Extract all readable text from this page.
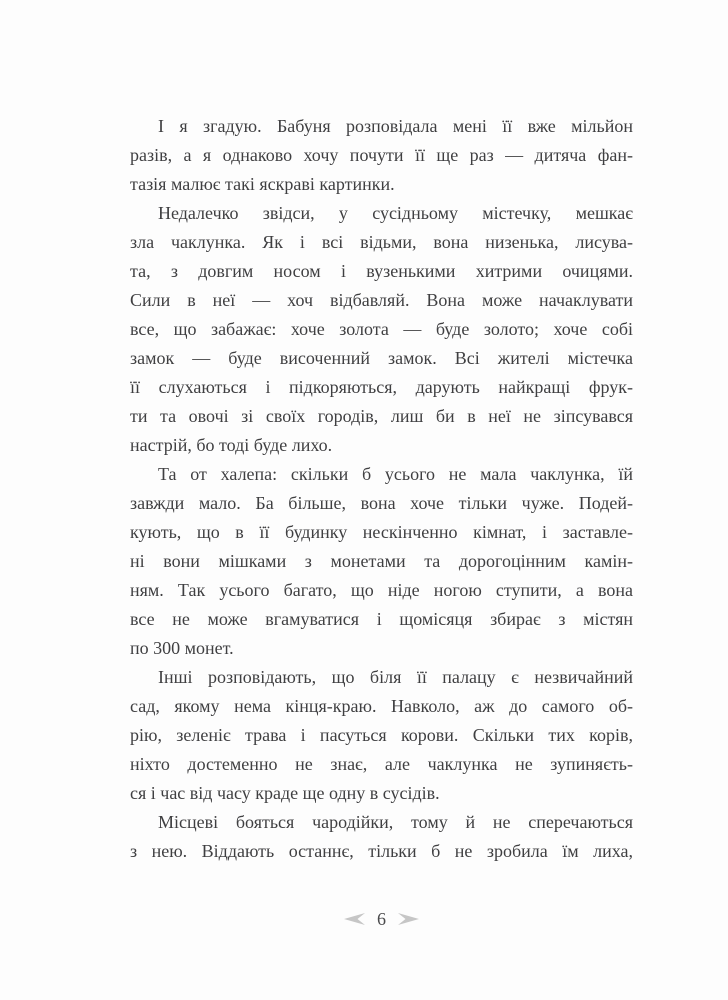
І я згадую. Бабуня розповідала мені її вже мільйон
разів, а я однаково хочу почути її ще раз — дитяча фан-
тазія малює такі яскраві картинки.
Недалечко звідси, у сусідньому містечку, мешкає
зла чаклунка. Як і всі відьми, вона низенька, лисува-
та, з довгим носом і вузенькими хитрими очицями.
Сили в неї — хоч відбавляй. Вона може начаклувати
все, що забажає: хоче золота — буде золото; хоче собі
замок — буде височенний замок. Всі жителі містечка
її слухаються і підкоряються, дарують найкращі фрук-
ти та овочі зі своїх городів, лиш би в неї не зіпсувався
настрій, бо тоді буде лихо.
Та от халепа: скільки б усього не мала чаклунка, їй
завжди мало. Ба більше, вона хоче тільки чуже. Подей-
кують, що в її будинку нескінченно кімнат, і заставле-
ні вони мішками з монетами та дорогоцінним камін-
ням. Так усього багато, що ніде ногою ступити, а вона
все не може вгамуватися і щомісяця збирає з містян
по 300 монет.
Інші розповідають, що біля її палацу є незвичайний
сад, якому нема кінця-краю. Навколо, аж до самого об-
рію, зеленіє трава і пасуться корови. Скільки тих корів,
ніхто достеменно не знає, але чаклунка не зупиняєть-
ся і час від часу краде ще одну в сусідів.
Місцеві бояться чародійки, тому й не сперечаються
з нею. Віддають останнє, тільки б не зробила їм лиха,
6
